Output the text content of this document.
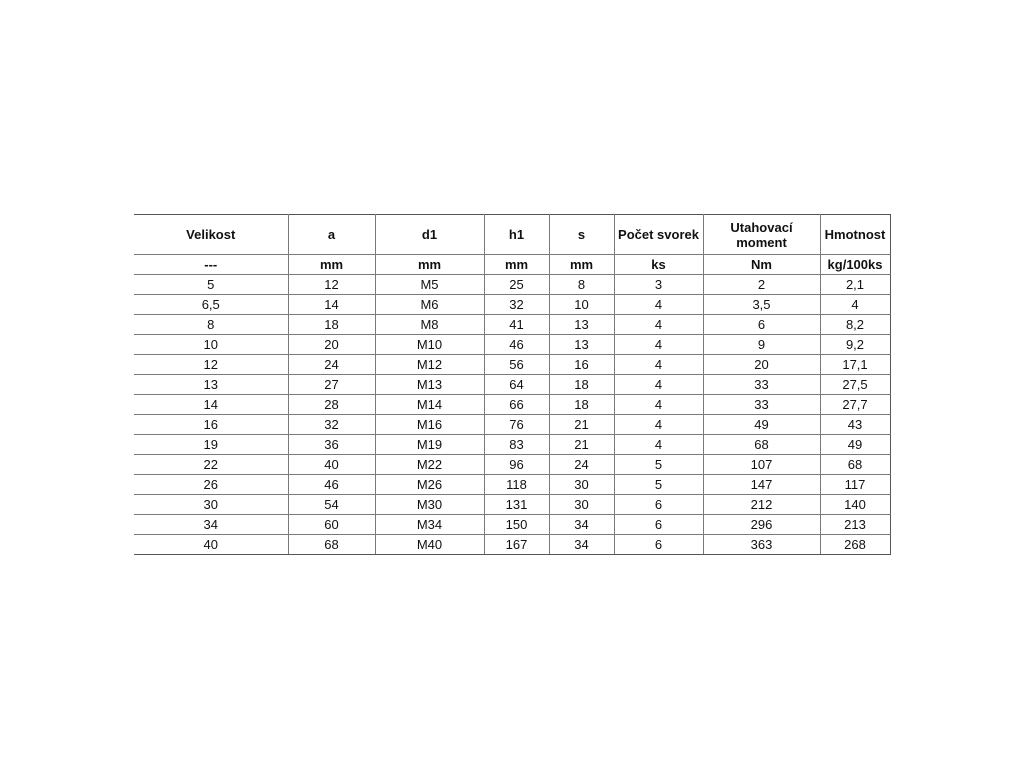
Velikost	a	d1	h1	s	Počet svorek	Utahovací moment	Hmotnost
---	mm	mm	mm	mm	ks	Nm	kg/100ks
5	12	M5	25	8	3	2	2,1
6,5	14	M6	32	10	4	3,5	4
8	18	M8	41	13	4	6	8,2
10	20	M10	46	13	4	9	9,2
12	24	M12	56	16	4	20	17,1
13	27	M13	64	18	4	33	27,5
14	28	M14	66	18	4	33	27,7
16	32	M16	76	21	4	49	43
19	36	M19	83	21	4	68	49
22	40	M22	96	24	5	107	68
26	46	M26	118	30	5	147	117
30	54	M30	131	30	6	212	140
34	60	M34	150	34	6	296	213
40	68	M40	167	34	6	363	268
